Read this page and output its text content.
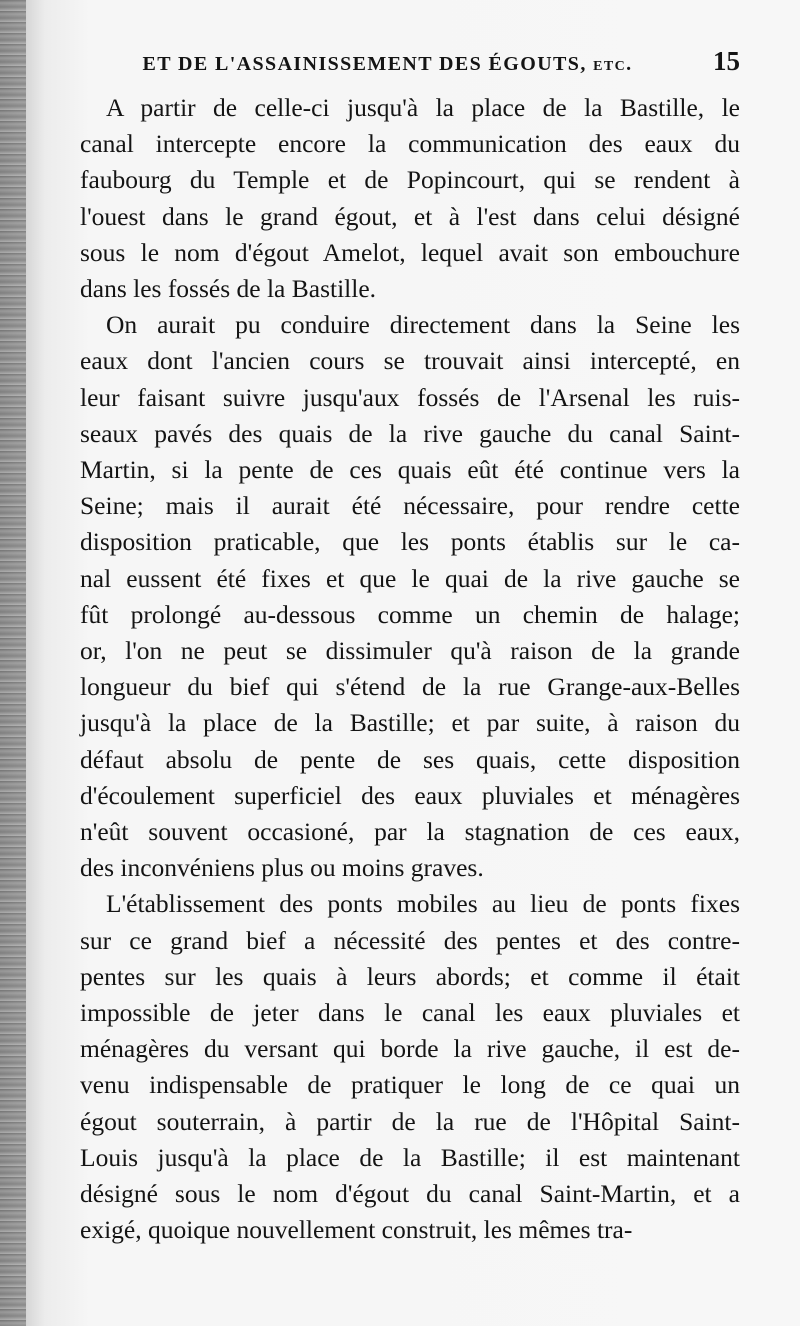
ET DE L'ASSAINISSEMENT DES ÉGOUTS, etc.	15
A partir de celle-ci jusqu'à la place de la Bastille, le
canal intercepte encore la communication des eaux du
faubourg du Temple et de Popincourt, qui se rendent à
l'ouest dans le grand égout, et à l'est dans celui désigné
sous le nom d'égout Amelot, lequel avait son embouchure
dans les fossés de la Bastille.
On aurait pu conduire directement dans la Seine les
eaux dont l'ancien cours se trouvait ainsi intercepté, en
leur faisant suivre jusqu'aux fossés de l'Arsenal les ruis-
seaux pavés des quais de la rive gauche du canal Saint-
Martin, si la pente de ces quais eût été continue vers la
Seine; mais il aurait été nécessaire, pour rendre cette
disposition praticable, que les ponts établis sur le ca-
nal eussent été fixes et que le quai de la rive gauche se
fût prolongé au-dessous comme un chemin de halage;
or, l'on ne peut se dissimuler qu'à raison de la grande
longueur du bief qui s'étend de la rue Grange-aux-Belles
jusqu'à la place de la Bastille; et par suite, à raison du
défaut absolu de pente de ses quais, cette disposition
d'écoulement superficiel des eaux pluviales et ménagères
n'eût souvent occasioné, par la stagnation de ces eaux,
des inconvéniens plus ou moins graves.
L'établissement des ponts mobiles au lieu de ponts fixes
sur ce grand bief a nécessité des pentes et des contre-
pentes sur les quais à leurs abords; et comme il était
impossible de jeter dans le canal les eaux pluviales et
ménagères du versant qui borde la rive gauche, il est de-
venu indispensable de pratiquer le long de ce quai un
égout souterrain, à partir de la rue de l'Hôpital Saint-
Louis jusqu'à la place de la Bastille; il est maintenant
désigné sous le nom d'égout du canal Saint-Martin, et a
exigé, quoique nouvellement construit, les mêmes tra-
